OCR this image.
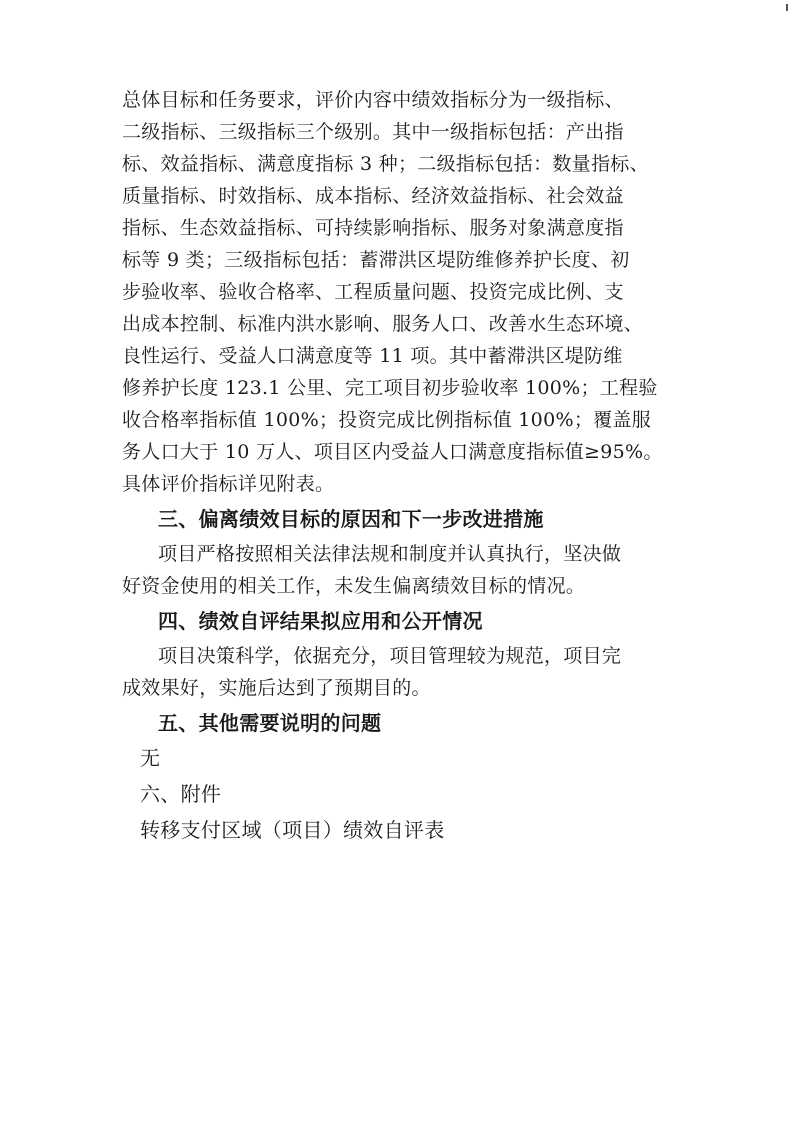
总体目标和任务要求，评价内容中绩效指标分为一级指标、
二级指标、三级指标三个级别。其中一级指标包括：产出指
标、效益指标、满意度指标 3 种；二级指标包括：数量指标、
质量指标、时效指标、成本指标、经济效益指标、社会效益
指标、生态效益指标、可持续影响指标、服务对象满意度指
标等 9 类；三级指标包括：蓄滞洪区堤防维修养护长度、初
步验收率、验收合格率、工程质量问题、投资完成比例、支
出成本控制、标准内洪水影响、服务人口、改善水生态环境、
良性运行、受益人口满意度等 11 项。其中蓄滞洪区堤防维
修养护长度 123.1 公里、完工项目初步验收率 100%；工程验
收合格率指标值 100%；投资完成比例指标值 100%；覆盖服
务人口大于 10 万人、项目区内受益人口满意度指标值≥95%。
具体评价指标详见附表。
三、偏离绩效目标的原因和下一步改进措施
项目严格按照相关法律法规和制度并认真执行，坚决做
好资金使用的相关工作，未发生偏离绩效目标的情况。
四、绩效自评结果拟应用和公开情况
项目决策科学，依据充分，项目管理较为规范，项目完
成效果好，实施后达到了预期目的。
五、其他需要说明的问题
无
六、附件
转移支付区域（项目）绩效自评表
